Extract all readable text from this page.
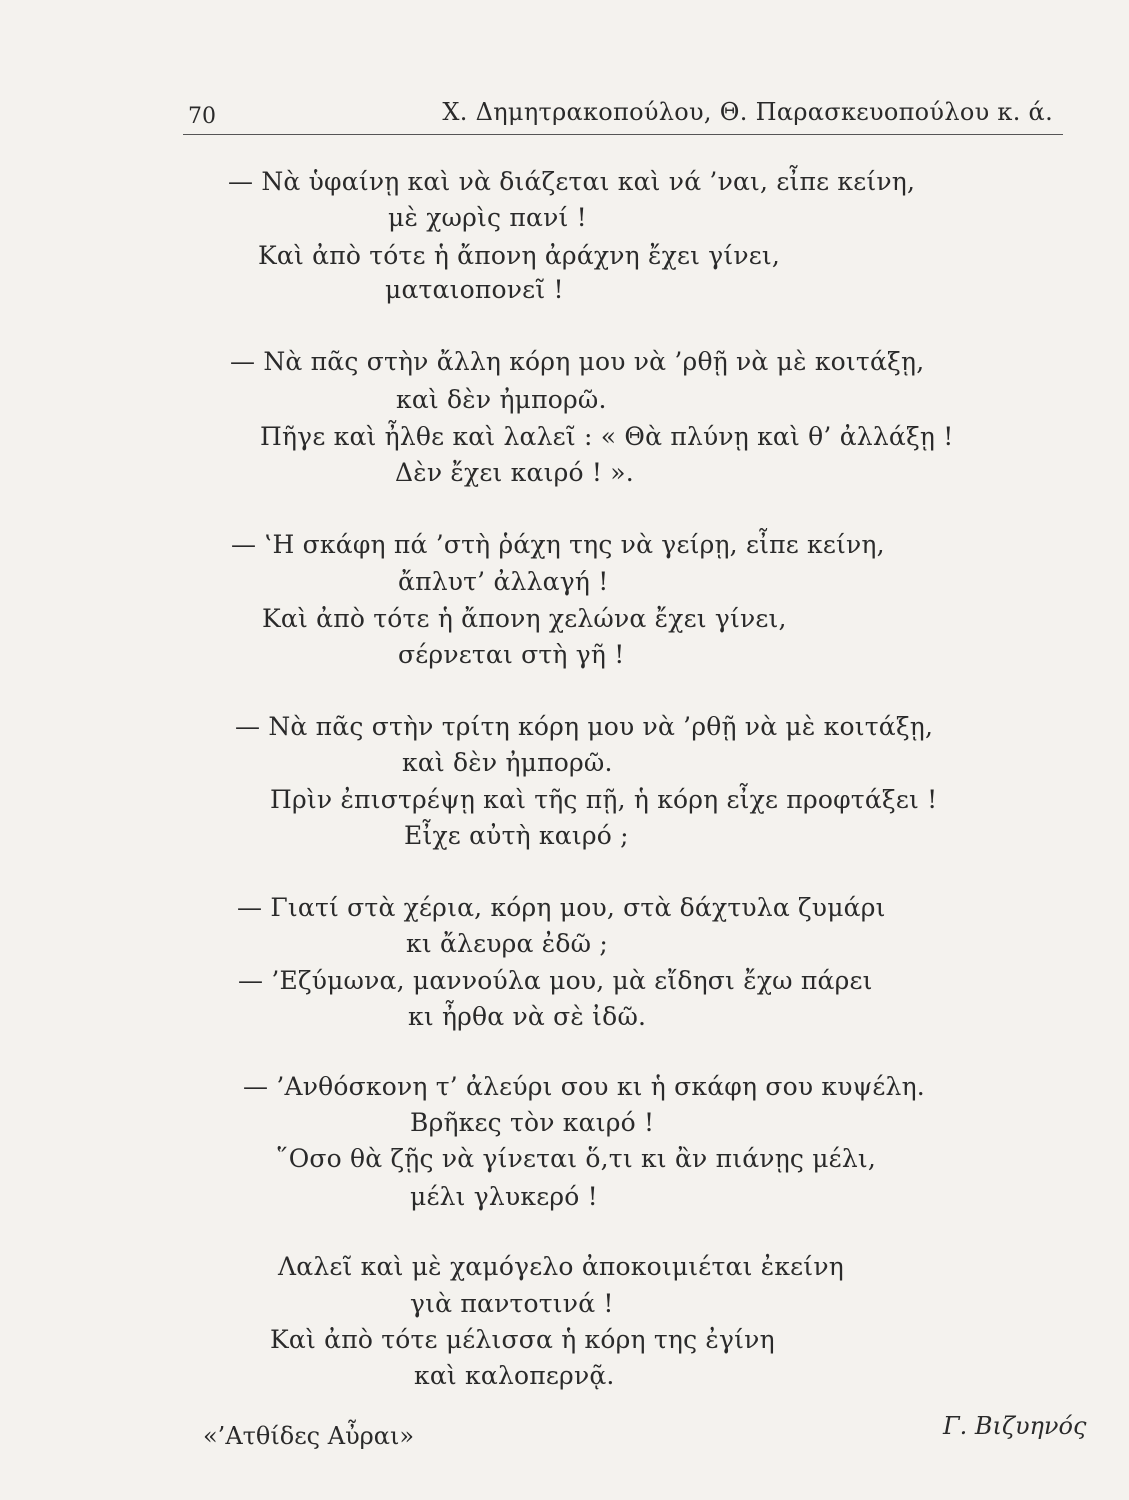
70	Χ. Δημητρακοπούλου, Θ. Παρασκευοπούλου κ. ά.
— Νὰ ὑφαίνῃ καὶ νὰ διάζεται καὶ νά ’ναι, εἶπε κείνη,
μὲ χωρὶς πανί !
Καὶ ἀπὸ τότε ἡ ἄπονη ἀράχνη ἔχει γίνει,
ματαιοπονεῖ !
— Νὰ πᾶς στὴν ἄλλη κόρη μου νὰ ’ρθῇ νὰ μὲ κοιτάξῃ,
καὶ δὲν ἠμπορῶ.
Πῆγε καὶ ἦλθε καὶ λαλεῖ : « Θὰ πλύνῃ καὶ θ’ ἀλλάξῃ !
Δὲν ἔχει καιρό ! ».
— ‛Η σκάφη πά ’στὴ ῥάχη της νὰ γείρῃ, εἶπε κείνη,
ἄπλυτ’ ἀλλαγή !
Καὶ ἀπὸ τότε ἡ ἄπονη χελώνα ἔχει γίνει,
σέρνεται στὴ γῆ !
— Νὰ πᾶς στὴν τρίτη κόρη μου νὰ ’ρθῇ νὰ μὲ κοιτάξῃ,
καὶ δὲν ἠμπορῶ.
Πρὶν ἐπιστρέψῃ καὶ τῆς πῇ, ἡ κόρη εἶχε προφτάξει !
Εἶχε αὐτὴ καιρό ;
— Γιατί στὰ χέρια, κόρη μου, στὰ δάχτυλα ζυμάρι
κι ἄλευρα ἐδῶ ;
— ’Εζύμωνα, μαννούλα μου, μὰ εἴδησι ἔχω πάρει
κι ἦρθα νὰ σὲ ἰδῶ.
— ’Ανθόσκονη τ’ ἀλεύρι σου κι ἡ σκάφη σου κυψέλη.
Βρῆκες τὸν καιρό !
῞Οσο θὰ ζῇς νὰ γίνεται ὅ,τι κι ἂν πιάνῃς μέλι,
μέλι γλυκερό !
Λαλεῖ καὶ μὲ χαμόγελο ἀποκοιμιέται ἐκείνη
γιὰ παντοτινά !
Καὶ ἀπὸ τότε μέλισσα ἡ κόρη της ἐγίνη
καὶ καλοπερνᾷ.
«’Ατθίδες Αὖραι»	Γ. Βιζυηνός
